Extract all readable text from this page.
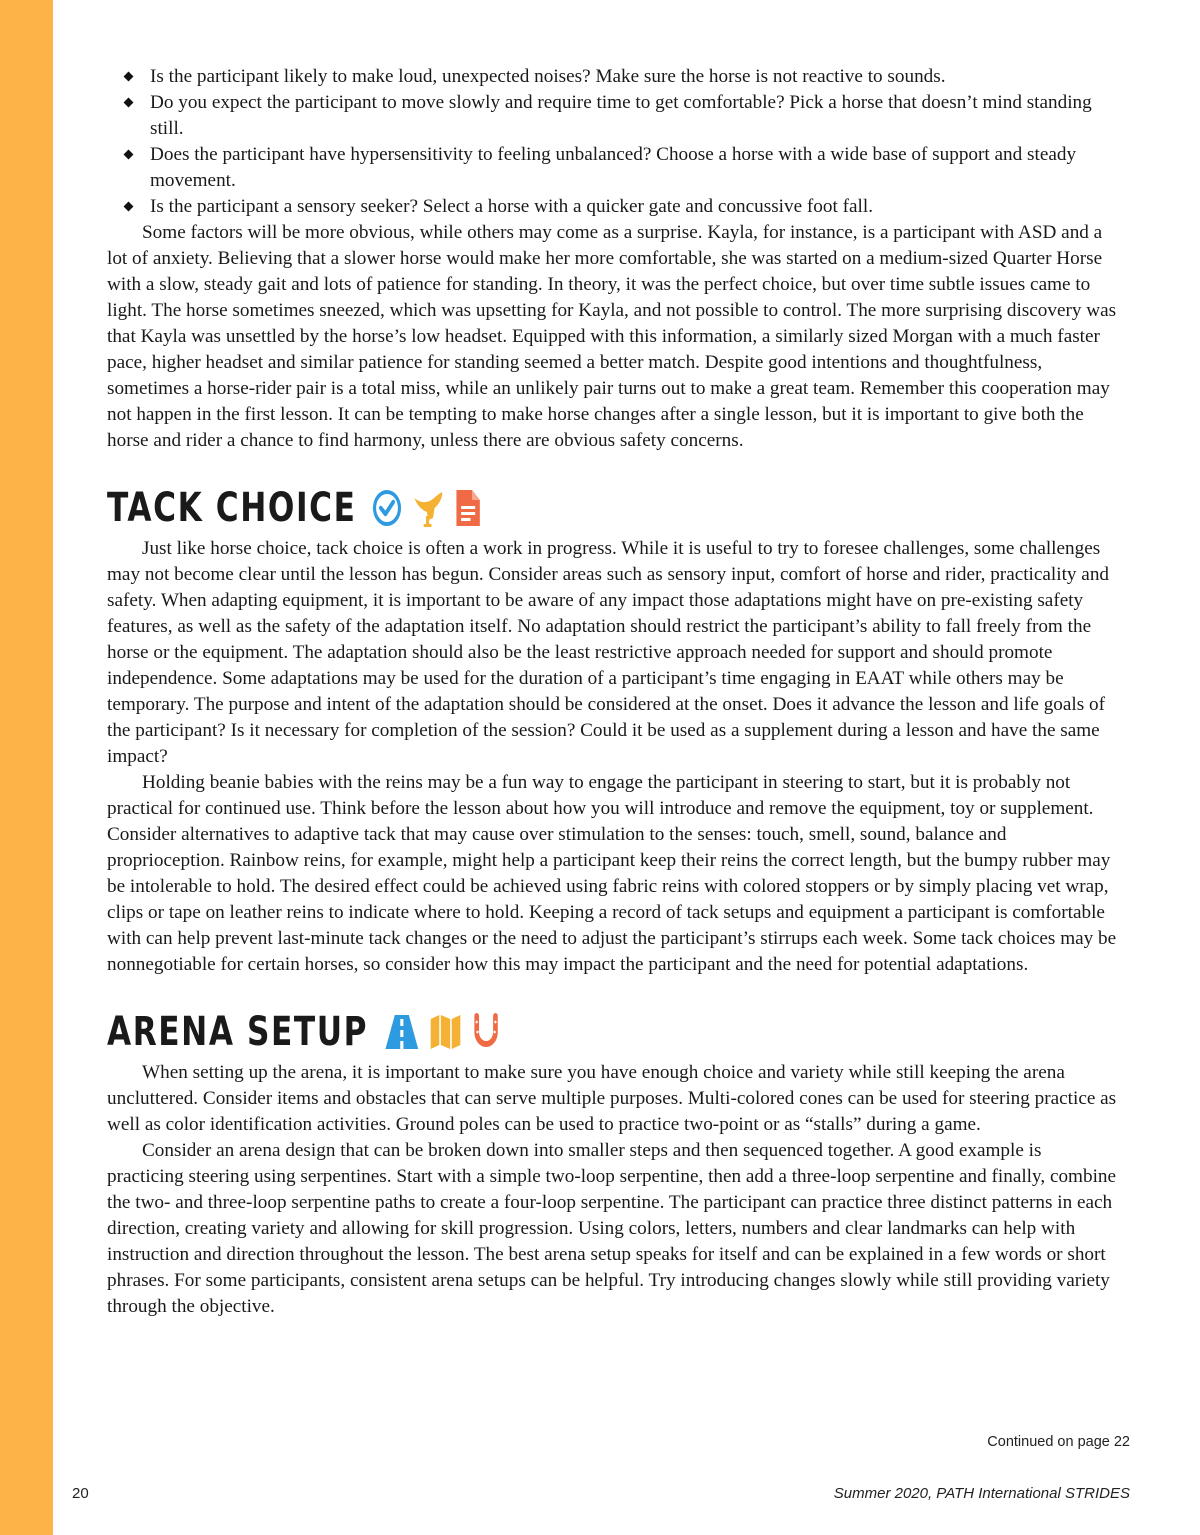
Is the participant likely to make loud, unexpected noises? Make sure the horse is not reactive to sounds.
Do you expect the participant to move slowly and require time to get comfortable? Pick a horse that doesn’t mind standing still.
Does the participant have hypersensitivity to feeling unbalanced? Choose a horse with a wide base of support and steady movement.
Is the participant a sensory seeker? Select a horse with a quicker gate and concussive foot fall.

Some factors will be more obvious, while others may come as a surprise. Kayla, for instance, is a participant with ASD and a lot of anxiety. Believing that a slower horse would make her more comfortable, she was started on a medium-sized Quarter Horse with a slow, steady gait and lots of patience for standing. In theory, it was the perfect choice, but over time subtle issues came to light. The horse sometimes sneezed, which was upsetting for Kayla, and not possible to control. The more surprising discovery was that Kayla was unsettled by the horse’s low headset. Equipped with this information, a similarly sized Morgan with a much faster pace, higher headset and similar patience for standing seemed a better match. Despite good intentions and thoughtfulness, sometimes a horse-rider pair is a total miss, while an unlikely pair turns out to make a great team. Remember this cooperation may not happen in the first lesson. It can be tempting to make horse changes after a single lesson, but it is important to give both the horse and rider a chance to find harmony, unless there are obvious safety concerns.

TACK CHOICE

Just like horse choice, tack choice is often a work in progress. While it is useful to try to foresee challenges, some challenges may not become clear until the lesson has begun. Consider areas such as sensory input, comfort of horse and rider, practicality and safety. When adapting equipment, it is important to be aware of any impact those adaptations might have on pre-existing safety features, as well as the safety of the adaptation itself. No adaptation should restrict the participant’s ability to fall freely from the horse or the equipment. The adaptation should also be the least restrictive approach needed for support and should promote independence. Some adaptations may be used for the duration of a participant’s time engaging in EAAT while others may be temporary. The purpose and intent of the adaptation should be considered at the onset. Does it advance the lesson and life goals of the participant? Is it necessary for completion of the session? Could it be used as a supplement during a lesson and have the same impact?

Holding beanie babies with the reins may be a fun way to engage the participant in steering to start, but it is probably not practical for continued use. Think before the lesson about how you will introduce and remove the equipment, toy or supplement. Consider alternatives to adaptive tack that may cause over stimulation to the senses: touch, smell, sound, balance and proprioception. Rainbow reins, for example, might help a participant keep their reins the correct length, but the bumpy rubber may be intolerable to hold. The desired effect could be achieved using fabric reins with colored stoppers or by simply placing vet wrap, clips or tape on leather reins to indicate where to hold. Keeping a record of tack setups and equipment a participant is comfortable with can help prevent last-minute tack changes or the need to adjust the participant’s stirrups each week. Some tack choices may be nonnegotiable for certain horses, so consider how this may impact the participant and the need for potential adaptations.

ARENA SETUP

When setting up the arena, it is important to make sure you have enough choice and variety while still keeping the arena uncluttered. Consider items and obstacles that can serve multiple purposes. Multi-colored cones can be used for steering practice as well as color identification activities. Ground poles can be used to practice two-point or as “stalls” during a game.

Consider an arena design that can be broken down into smaller steps and then sequenced together. A good example is practicing steering using serpentines. Start with a simple two-loop serpentine, then add a three-loop serpentine and finally, combine the two- and three-loop serpentine paths to create a four-loop serpentine. The participant can practice three distinct patterns in each direction, creating variety and allowing for skill progression. Using colors, letters, numbers and clear landmarks can help with instruction and direction throughout the lesson. The best arena setup speaks for itself and can be explained in a few words or short phrases. For some participants, consistent arena setups can be helpful. Try introducing changes slowly while still providing variety through the objective.

Continued on page 22
20	Summer 2020, PATH International STRIDES
